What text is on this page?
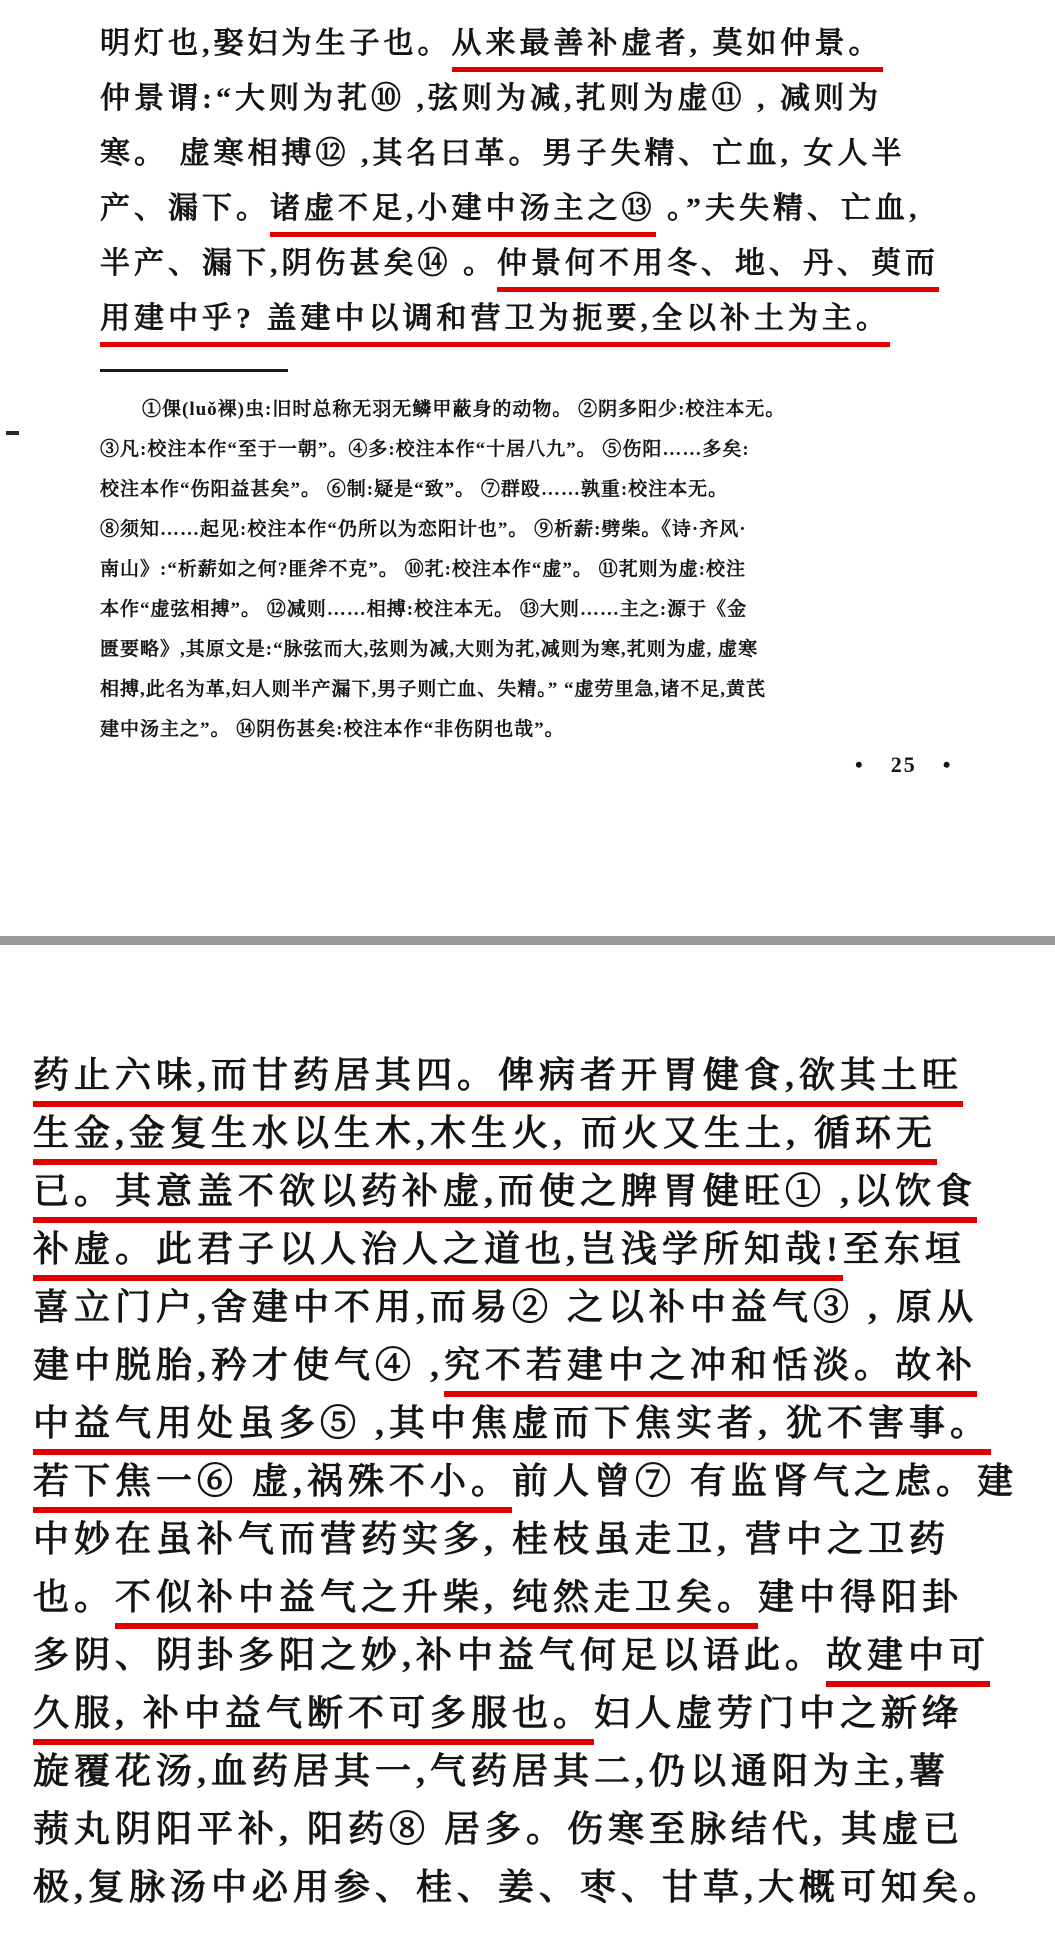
明灯也,娶妇为生子也。从来最善补虚者, 莫如仲景。
仲景谓:“大则为芤⑩ ,弦则为减,芤则为虚⑪ , 减则为
寒。 虚寒相搏⑫ ,其名曰革。男子失精、亡血, 女人半
产、漏下。诸虚不足,小建中汤主之⑬ 。”夫失精、亡血,
半产、漏下,阴伤甚矣⑭ 。仲景何不用冬、地、丹、萸而
用建中乎? 盖建中以调和营卫为扼要,全以补土为主。
①倮(luǒ裸)虫:旧时总称无羽无鳞甲蔽身的动物。 ②阴多阳少:校注本无。
③凡:校注本作“至于一朝”。④多:校注本作“十居八九”。 ⑤伤阳……多矣:
校注本作“伤阳益甚矣”。 ⑥制:疑是“致”。 ⑦群殴……孰重:校注本无。
⑧须知……起见:校注本作“仍所以为恋阳计也”。 ⑨析薪:劈柴。《诗·齐风·
南山》:“析薪如之何?匪斧不克”。 ⑩芤:校注本作“虚”。 ⑪芤则为虚:校注
本作“虚弦相搏”。 ⑫减则……相搏:校注本无。 ⑬大则……主之:源于《金
匮要略》,其原文是:“脉弦而大,弦则为减,大则为芤,减则为寒,芤则为虚, 虚寒
相搏,此名为革,妇人则半产漏下,男子则亡血、失精。” “虚劳里急,诸不足,黄芪
建中汤主之”。 ⑭阴伤甚矣:校注本作“非伤阴也哉”。
• 25 •
药止六味,而甘药居其四。俾病者开胃健食,欲其土旺
生金,金复生水以生木,木生火, 而火又生土, 循环无
已。其意盖不欲以药补虚,而使之脾胃健旺① ,以饮食
补虚。此君子以人治人之道也,岂浅学所知哉!至东垣
喜立门户,舍建中不用,而易② 之以补中益气③ , 原从
建中脱胎,矜才使气④ ,究不若建中之冲和恬淡。故补
中益气用处虽多⑤ ,其中焦虚而下焦实者, 犹不害事。
若下焦一⑥ 虚,祸殊不小。前人曾⑦ 有监肾气之虑。建
中妙在虽补气而营药实多, 桂枝虽走卫, 营中之卫药
也。不似补中益气之升柴, 纯然走卫矣。建中得阳卦
多阴、阴卦多阳之妙,补中益气何足以语此。故建中可
久服, 补中益气断不可多服也。妇人虚劳门中之新绛
旋覆花汤,血药居其一,气药居其二,仍以通阳为主,薯
蓣丸阴阳平补, 阳药⑧ 居多。伤寒至脉结代, 其虚已
极,复脉汤中必用参、桂、姜、枣、甘草,大概可知矣。
